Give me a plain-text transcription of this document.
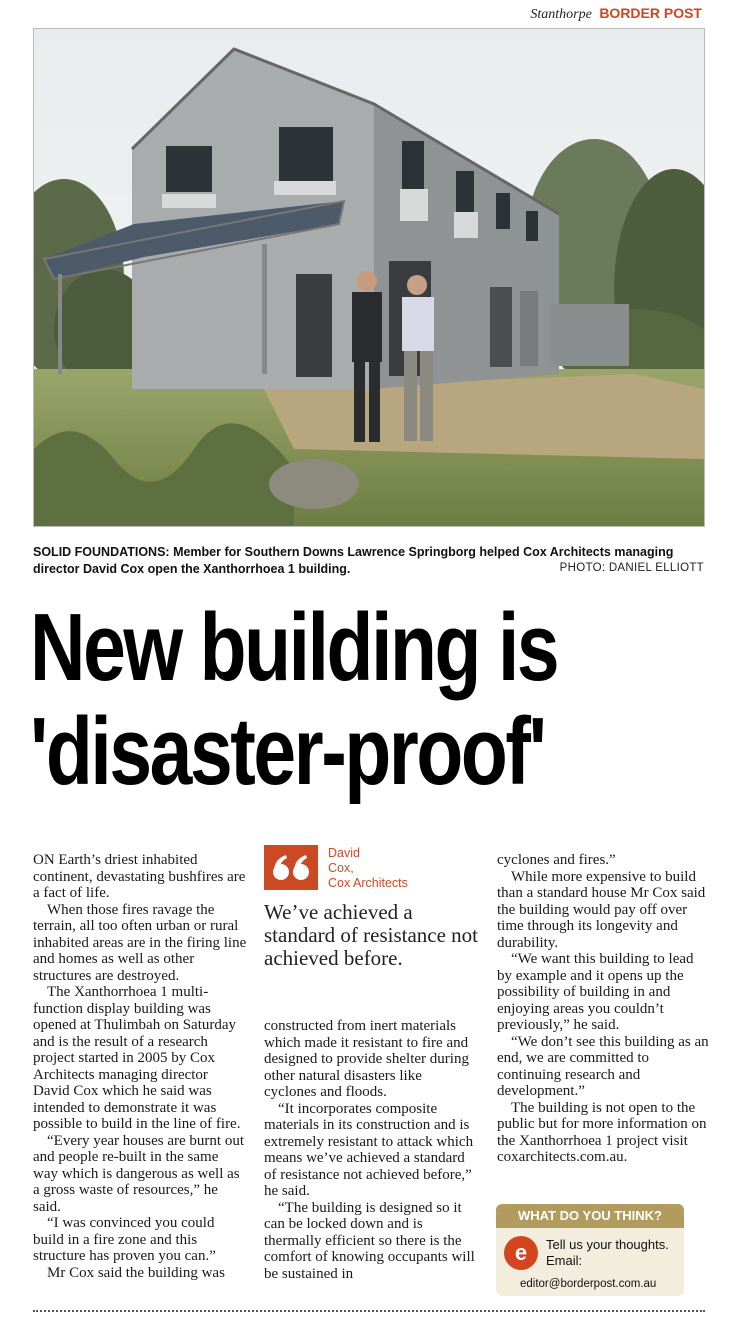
Stanthorpe BORDER POST
SOLID FOUNDATIONS: Member for Southern Downs Lawrence Springborg helped Cox Architects managing director David Cox open the Xanthorrhoea 1 building.	PHOTO: DANIEL ELLIOTT
New building is
'disaster-proof'

ON Earth’s driest inhabited continent, devastating bushfires are a fact of life.

When those fires ravage the terrain, all too often urban or rural inhabited areas are in the firing line and homes as well as other structures are destroyed.

The Xanthorrhoea 1 multi-function display building was opened at Thulimbah on Saturday and is the result of a research project started in 2005 by Cox Architects managing director David Cox which he said was intended to demonstrate it was possible to build in the line of fire.

“Every year houses are burnt out and people re-built in the same way which is dangerous as well as a gross waste of resources,” he said.

“I was convinced you could build in a fire zone and this structure has proven you can.”

Mr Cox said the building was

David
Cox,
Cox Architects
We’ve achieved a standard of resistance not achieved before.

constructed from inert materials which made it resistant to fire and designed to provide shelter during other natural disasters like cyclones and floods.

“It incorporates composite materials in its construction and is extremely resistant to attack which means we’ve achieved a standard of resistance not achieved before,” he said.

“The building is designed so it can be locked down and is thermally efficient so there is the comfort of knowing occupants will be sustained in

cyclones and fires.”

While more expensive to build than a standard house Mr Cox said the building would pay off over time through its longevity and durability.

“We want this building to lead by example and it opens up the possibility of building in and enjoying areas you couldn’t previously,” he said.

“We don’t see this building as an end, we are committed to continuing research and development.”

The building is not open to the public but for more information on the Xanthorrhoea 1 project visit coxarchitects.com.au.

WHAT DO YOU THINK?
e	Tell us your thoughts.
Email:
editor@borderpost.com.au
